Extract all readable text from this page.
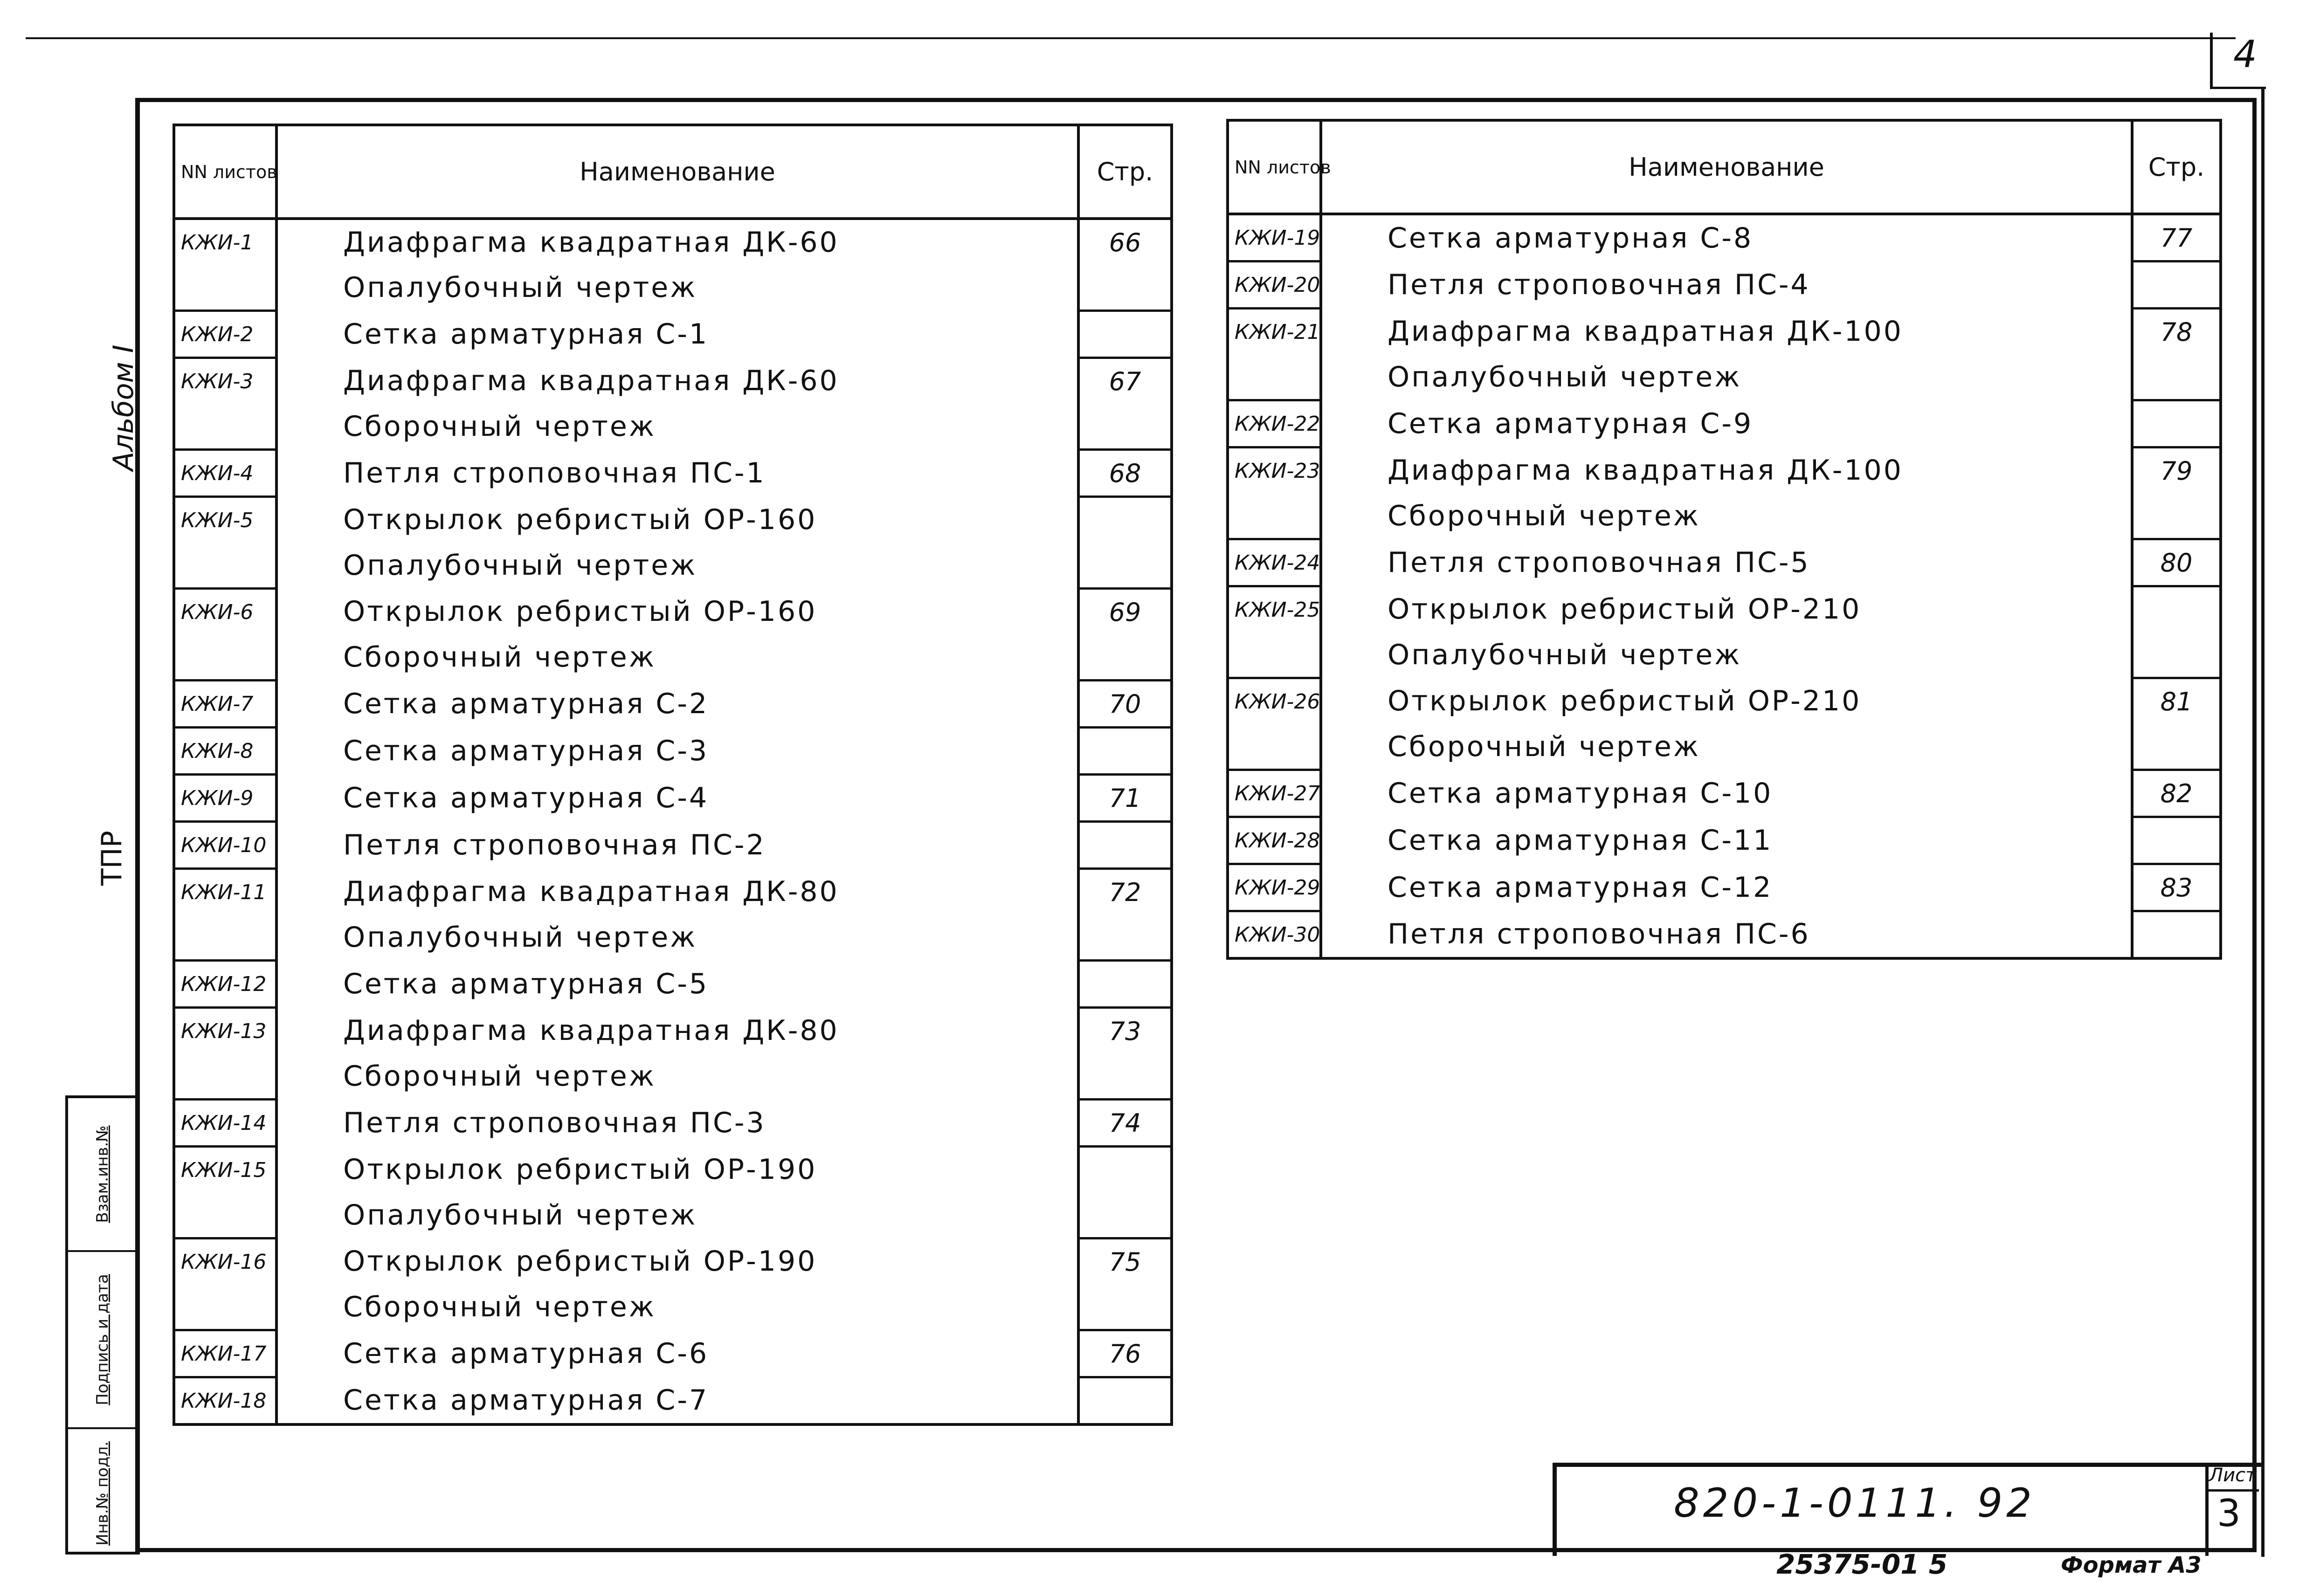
4
Альбом I
ТПР
Взам.инв.№
Подпись и дата
Инв.№ подл.
NN листов	Наименование	Стр.
КЖИ-1	Диафрагма квадратная ДК-60	66
	Опалубочный чертеж	
КЖИ-2	Сетка арматурная С-1	
КЖИ-3	Диафрагма квадратная ДК-60	67
	Сборочный чертеж	
КЖИ-4	Петля строповочная ПС-1	68
КЖИ-5	Открылок ребристый ОР-160	
	Опалубочный чертеж	
КЖИ-6	Открылок ребристый ОР-160	69
	Сборочный чертеж	
КЖИ-7	Сетка арматурная С-2	70
КЖИ-8	Сетка арматурная С-3	
КЖИ-9	Сетка арматурная С-4	71
КЖИ-10	Петля строповочная ПС-2	
КЖИ-11	Диафрагма квадратная ДК-80	72
	Опалубочный чертеж	
КЖИ-12	Сетка арматурная С-5	
КЖИ-13	Диафрагма квадратная ДК-80	73
	Сборочный чертеж	
КЖИ-14	Петля строповочная ПС-3	74
КЖИ-15	Открылок ребристый ОР-190	
	Опалубочный чертеж	
КЖИ-16	Открылок ребристый ОР-190	75
	Сборочный чертеж	
КЖИ-17	Сетка арматурная С-6	76
КЖИ-18	Сетка арматурная С-7	
NN листов	Наименование	Стр.
КЖИ-19	Сетка арматурная С-8	77
КЖИ-20	Петля строповочная ПС-4	
КЖИ-21	Диафрагма квадратная ДК-100	78
	Опалубочный чертеж	
КЖИ-22	Сетка арматурная С-9	
КЖИ-23	Диафрагма квадратная ДК-100	79
	Сборочный чертеж	
КЖИ-24	Петля строповочная ПС-5	80
КЖИ-25	Открылок ребристый ОР-210	
	Опалубочный чертеж	
КЖИ-26	Открылок ребристый ОР-210	81
	Сборочный чертеж	
КЖИ-27	Сетка арматурная С-10	82
КЖИ-28	Сетка арматурная С-11	
КЖИ-29	Сетка арматурная С-12	83
КЖИ-30	Петля строповочная ПС-6	
820-1-0111. 92
Лист
3
25375-01 5	Формат А3
